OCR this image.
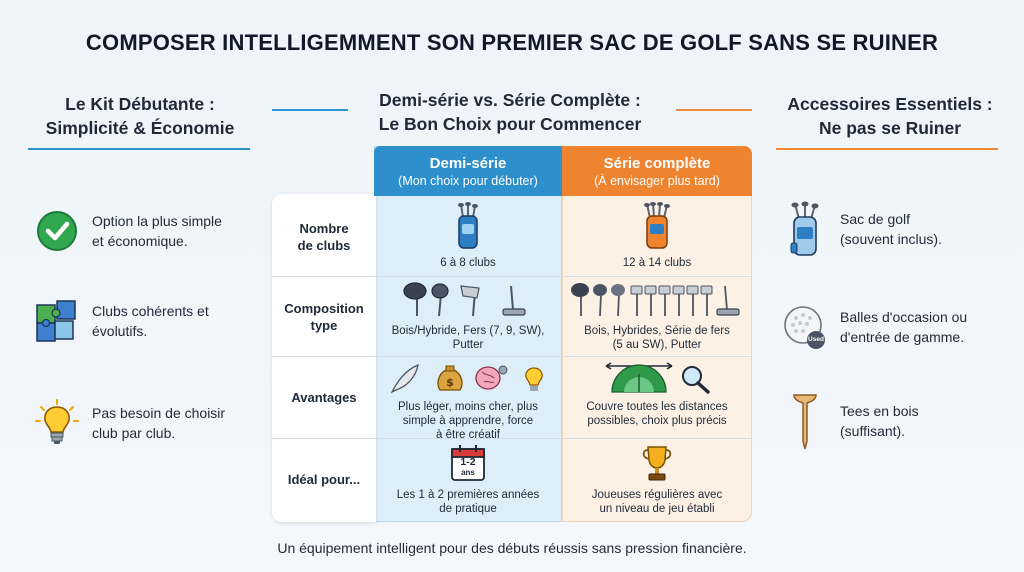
COMPOSER INTELLIGEMMENT SON PREMIER SAC DE GOLF SANS SE RUINER
Le Kit Débutante :
Simplicité & Économie
Option la plus simple
et économique.
Clubs cohérents et
évolutifs.
Pas besoin de choisir
club par club.
Demi-série vs. Série Complète :
Le Bon Choix pour Commencer
Demi-série
(Mon choix pour débuter)
Série complète
(À envisager plus tard)
Nombre
de clubs
6 à 8 clubs	12 à 14 clubs
Composition
type	Bois/Hybride, Fers (7, 9, SW),
Putter
Bois, Hybrides, Série de fers
(5 au SW), Putter
Avantages
$
Plus léger, moins cher, plus
simple à apprendre, force
à être créatif
Couvre toutes les distances
possibles, choix plus précis
Idéal pour...
1-2
ans
Les 1 à 2 premières années
de pratique
Joueuses régulières avec
un niveau de jeu établi
Accessoires Essentiels :
Ne pas se Ruiner
Sac de golf
(souvent inclus).
Used
Balles d'occasion ou
d'entrée de gamme.
Tees en bois
(suffisant).
Un équipement intelligent pour des débuts réussis sans pression financière.
